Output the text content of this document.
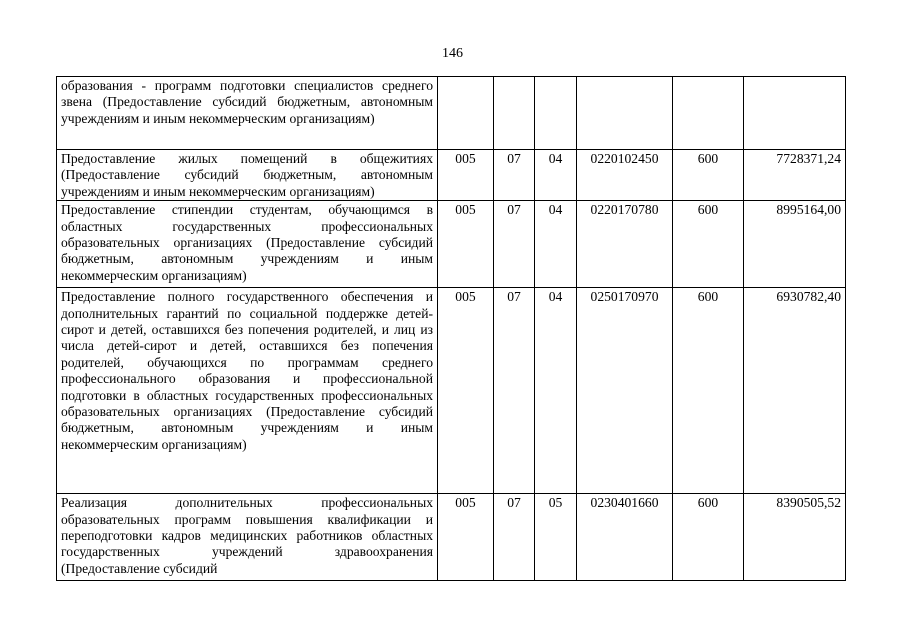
146
образования - программ подготовки специалистов среднего звена (Предоставление субсидий бюджетным, автономным учреждениям и иным некоммерческим организациям)						
Предоставление жилых помещений в общежитиях (Предоставление субсидий бюджетным, автономным учреждениям и иным некоммерческим организациям)	005	07	04	0220102450	600	7728371,24
Предоставление стипендии студентам, обучающимся в областных государственных профессиональных образовательных организациях (Предоставление субсидий бюджетным, автономным учреждениям и иным некоммерческим организациям)	005	07	04	0220170780	600	8995164,00
Предоставление полного государственного обеспечения и дополнительных гарантий по социальной поддержке детей-сирот и детей, оставшихся без попечения родителей, и лиц из числа детей-сирот и детей, оставшихся без попечения родителей, обучающихся по программам среднего профессионального образования и профессиональной подготовки в областных государственных профессиональных образовательных организациях (Предоставление субсидий бюджетным, автономным учреждениям и иным некоммерческим организациям)	005	07	04	0250170970	600	6930782,40
Реализация дополнительных профессиональных образовательных программ повышения квалификации и переподготовки кадров медицинских работников областных государственных учреждений здравоохранения (Предоставление субсидий	005	07	05	0230401660	600	8390505,52
